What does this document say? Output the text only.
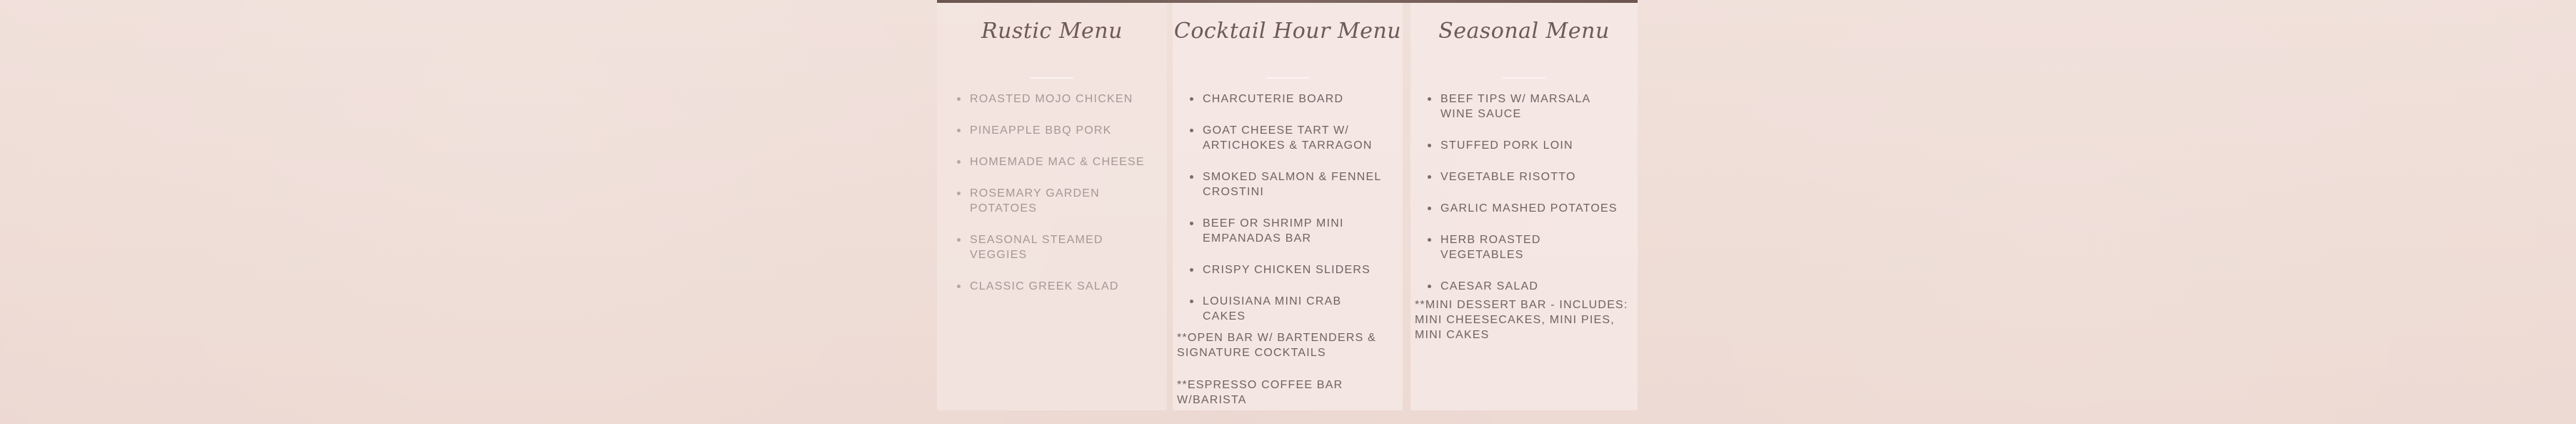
Rustic Menu
ROASTED MOJO CHICKEN
PINEAPPLE BBQ PORK
HOMEMADE MAC & CHEESE
ROSEMARY GARDEN POTATOES
SEASONAL STEAMED VEGGIES
CLASSIC GREEK SALAD
Cocktail Hour Menu
CHARCUTERIE BOARD
GOAT CHEESE TART W/ ARTICHOKES & TARRAGON
SMOKED SALMON & FENNEL CROSTINI
BEEF OR SHRIMP MINI EMPANADAS BAR
CRISPY CHICKEN SLIDERS
LOUISIANA MINI CRAB CAKES
**OPEN BAR W/ BARTENDERS & SIGNATURE COCKTAILS
**ESPRESSO COFFEE BAR W/BARISTA
Seasonal Menu
BEEF TIPS W/ MARSALA WINE SAUCE
STUFFED PORK LOIN
VEGETABLE RISOTTO
GARLIC MASHED POTATOES
HERB ROASTED VEGETABLES
CAESAR SALAD
**MINI DESSERT BAR - INCLUDES: MINI CHEESECAKES, MINI PIES, MINI CAKES
